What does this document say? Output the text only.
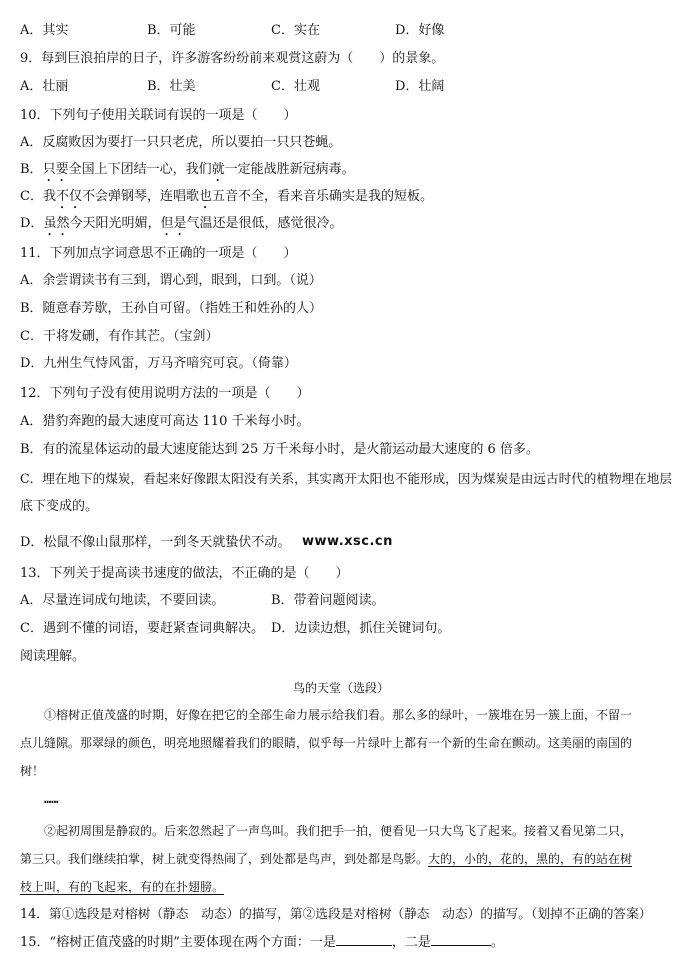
A．其实	B．可能	C．实在	D．好像
9．每到巨浪拍岸的日子，许多游客纷纷前来观赏这蔚为（　　）的景象。
A．壮丽	B．壮美	C．壮观	D．壮阔
10．下列句子使用关联词有误的一项是（　　）
A．反腐败因为要打一只只老虎，所以要拍一只只苍蝇。
B．只要全国上下团结一心，我们就一定能战胜新冠病毒。
C．我不仅不会弹钢琴，连唱歌也五音不全，看来音乐确实是我的短板。
D．虽然今天阳光明媚，但是气温还是很低，感觉很冷。
11．下列加点字词意思不正确的一项是（　　）
A．余尝谓读书有三到，谓心到，眼到，口到。（说）
B．随意春芳歇，王孙自可留。（指姓王和姓孙的人）
C．干将发硎，有作其芒。（宝剑）
D．九州生气恃风雷，万马齐喑究可哀。（倚靠）
12．下列句子没有使用说明方法的一项是（　　）
A．猎豹奔跑的最大速度可高达 110 千米每小时。
B．有的流星体运动的最大速度能达到 25 万千米每小时，是火箭运动最大速度的 6 倍多。
C．埋在地下的煤炭，看起来好像跟太阳没有关系，其实离开太阳也不能形成，因为煤炭是由远古时代的植物埋在地层
底下变成的。
D．松鼠不像山鼠那样，一到冬天就蛰伏不动。 www.xsc.cn
13．下列关于提高读书速度的做法，不正确的是（　　）
A．尽量连词成句地读，不要回读。	B．带着问题阅读。
C．遇到不懂的词语，要赶紧查词典解决。 D．边读边想，抓住关键词句。
阅读理解。
鸟的天堂（选段）
①榕树正值茂盛的时期，好像在把它的全部生命力展示给我们看。那么多的绿叶，一簇堆在另一簇上面，不留一
点儿缝隙。那翠绿的颜色，明亮地照耀着我们的眼睛，似乎每一片绿叶上都有一个新的生命在颤动。这美丽的南国的
树！
……
②起初周围是静寂的。后来忽然起了一声鸟叫。我们把手一拍，便看见一只大鸟飞了起来。接着又看见第二只，
第三只。我们继续拍掌，树上就变得热闹了，到处都是鸟声，到处都是鸟影。大的，小的，花的，黑的，有的站在树
枝上叫，有的飞起来，有的在扑翅膀。
14．第①选段是对榕树（静态　动态）的描写，第②选段是对榕树（静态　动态）的描写。（划掉不正确的答案）
15．“榕树正值茂盛的时期”主要体现在两个方面：一是	，二是	。
